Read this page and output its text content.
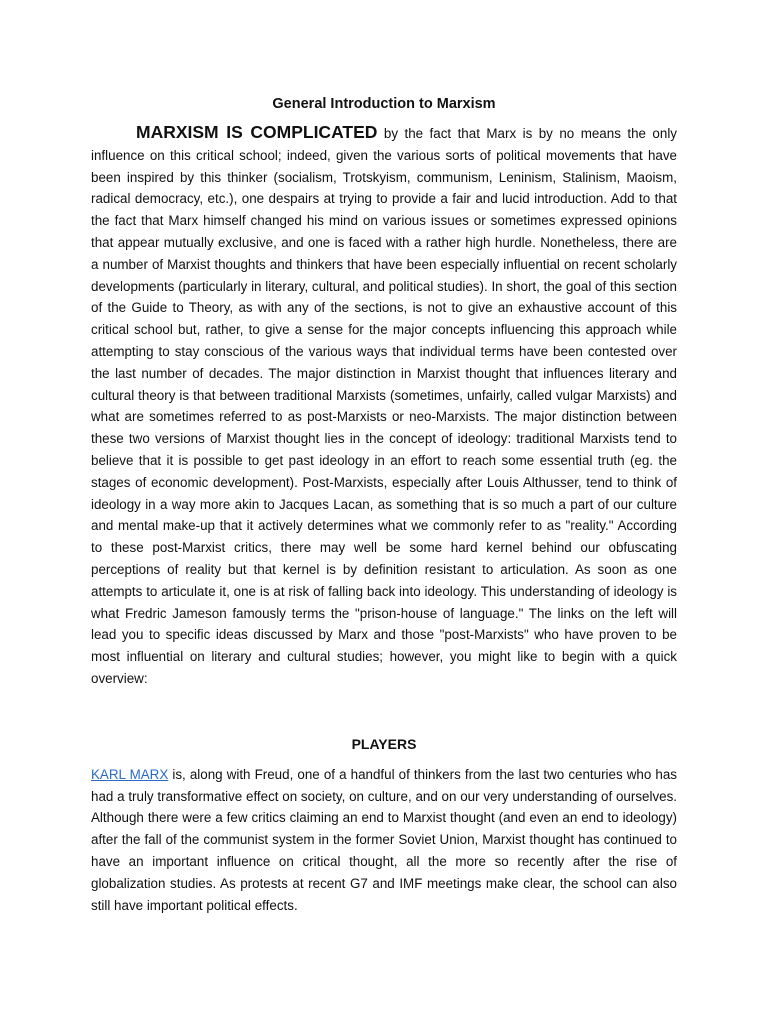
General Introduction to Marxism

MARXISM IS COMPLICATED by the fact that Marx is by no means the only influence on this critical school; indeed, given the various sorts of political movements that have been inspired by this thinker (socialism, Trotskyism, communism, Leninism, Stalinism, Maoism, radical democracy, etc.), one despairs at trying to provide a fair and lucid introduction. Add to that the fact that Marx himself changed his mind on various issues or sometimes expressed opinions that appear mutually exclusive, and one is faced with a rather high hurdle. Nonetheless, there are a number of Marxist thoughts and thinkers that have been especially influential on recent scholarly developments (particularly in literary, cultural, and political studies). In short, the goal of this section of the Guide to Theory, as with any of the sections, is not to give an exhaustive account of this critical school but, rather, to give a sense for the major concepts influencing this approach while attempting to stay conscious of the various ways that individual terms have been contested over the last number of decades. The major distinction in Marxist thought that influences literary and cultural theory is that between traditional Marxists (sometimes, unfairly, called vulgar Marxists) and what are sometimes referred to as post-Marxists or neo-Marxists. The major distinction between these two versions of Marxist thought lies in the concept of ideology: traditional Marxists tend to believe that it is possible to get past ideology in an effort to reach some essential truth (eg. the stages of economic development). Post-Marxists, especially after Louis Althusser, tend to think of ideology in a way more akin to Jacques Lacan, as something that is so much a part of our culture and mental make-up that it actively determines what we commonly refer to as "reality." According to these post-Marxist critics, there may well be some hard kernel behind our obfuscating perceptions of reality but that kernel is by definition resistant to articulation. As soon as one attempts to articulate it, one is at risk of falling back into ideology. This understanding of ideology is what Fredric Jameson famously terms the "prison-house of language." The links on the left will lead you to specific ideas discussed by Marx and those "post-Marxists" who have proven to be most influential on literary and cultural studies; however, you might like to begin with a quick overview:

PLAYERS

KARL MARX is, along with Freud, one of a handful of thinkers from the last two centuries who has had a truly transformative effect on society, on culture, and on our very understanding of ourselves. Although there were a few critics claiming an end to Marxist thought (and even an end to ideology) after the fall of the communist system in the former Soviet Union, Marxist thought has continued to have an important influence on critical thought, all the more so recently after the rise of globalization studies. As protests at recent G7 and IMF meetings make clear, the school can also still have important political effects.
